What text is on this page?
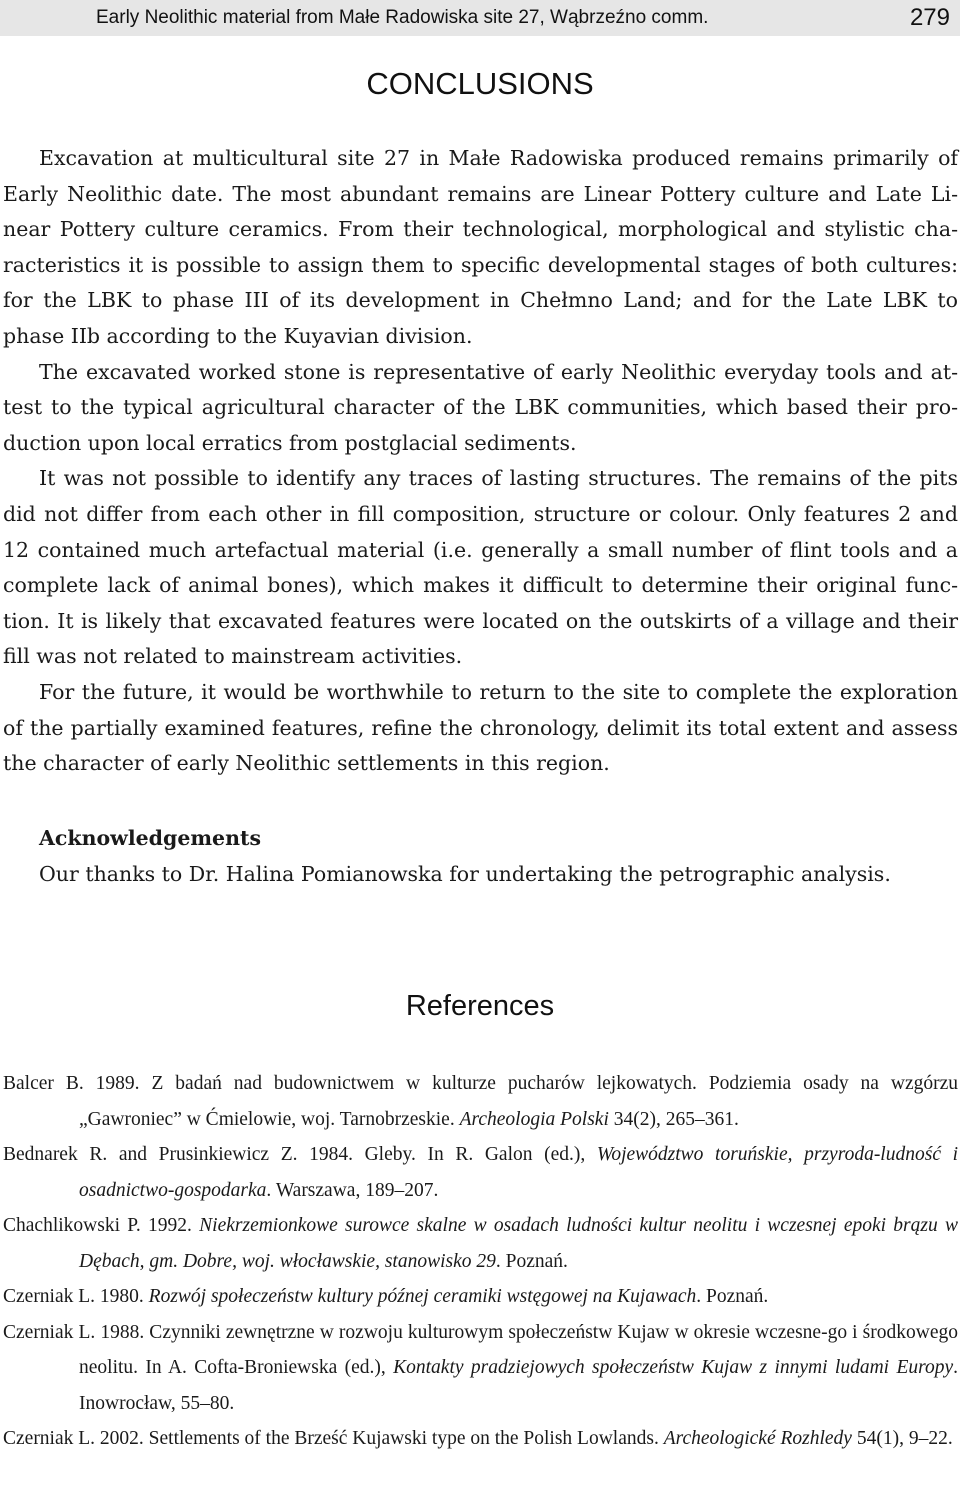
Early Neolithic material from Małe Radowiska site 27, Wąbrzeźno comm.	279
CONCLUSIONS

Excavation at multicultural site 27 in Małe Radowiska produced remains primarily of Early Neolithic date. The most abundant remains are Linear Pottery culture and Late Linear Pottery culture ceramics. From their technological, morphological and stylistic characteristics it is possible to assign them to specific developmental stages of both cultures: for the LBK to phase III of its development in Chełmno Land; and for the Late LBK to phase IIb according to the Kuyavian division.

The excavated worked stone is representative of early Neolithic everyday tools and attest to the typical agricultural character of the LBK communities, which based their production upon local erratics from postglacial sediments.

It was not possible to identify any traces of lasting structures. The remains of the pits did not differ from each other in fill composition, structure or colour. Only features 2 and 12 contained much artefactual material (i.e. generally a small number of flint tools and a complete lack of animal bones), which makes it difficult to determine their original function. It is likely that excavated features were located on the outskirts of a village and their fill was not related to mainstream activities.

For the future, it would be worthwhile to return to the site to complete the exploration of the partially examined features, refine the chronology, delimit its total extent and assess the character of early Neolithic settlements in this region.

Acknowledgements
Our thanks to Dr. Halina Pomianowska for undertaking the petrographic analysis.
References

Balcer B. 1989. Z badań nad budownictwem w kulturze pucharów lejkowatych. Podziemia osady na wzgórzu „Gawroniec” w Ćmielowie, woj. Tarnobrzeskie. Archeologia Polski 34(2), 265–361.

Bednarek R. and Prusinkiewicz Z. 1984. Gleby. In R. Galon (ed.), Województwo toruńskie, przyroda-ludność i osadnictwo-gospodarka. Warszawa, 189–207.

Chachlikowski P. 1992. Niekrzemionkowe surowce skalne w osadach ludności kultur neolitu i wczesnej epoki brązu w Dębach, gm. Dobre, woj. włocławskie, stanowisko 29. Poznań.

Czerniak L. 1980. Rozwój społeczeństw kultury późnej ceramiki wstęgowej na Kujawach. Poznań.

Czerniak L. 1988. Czynniki zewnętrzne w rozwoju kulturowym społeczeństw Kujaw w okresie wczesne-go i środkowego neolitu. In A. Cofta-Broniewska (ed.), Kontakty pradziejowych społeczeństw Kujaw z innymi ludami Europy. Inowrocław, 55–80.

Czerniak L. 2002. Settlements of the Brześć Kujawski type on the Polish Lowlands. Archeologické Rozhledy 54(1), 9–22.
